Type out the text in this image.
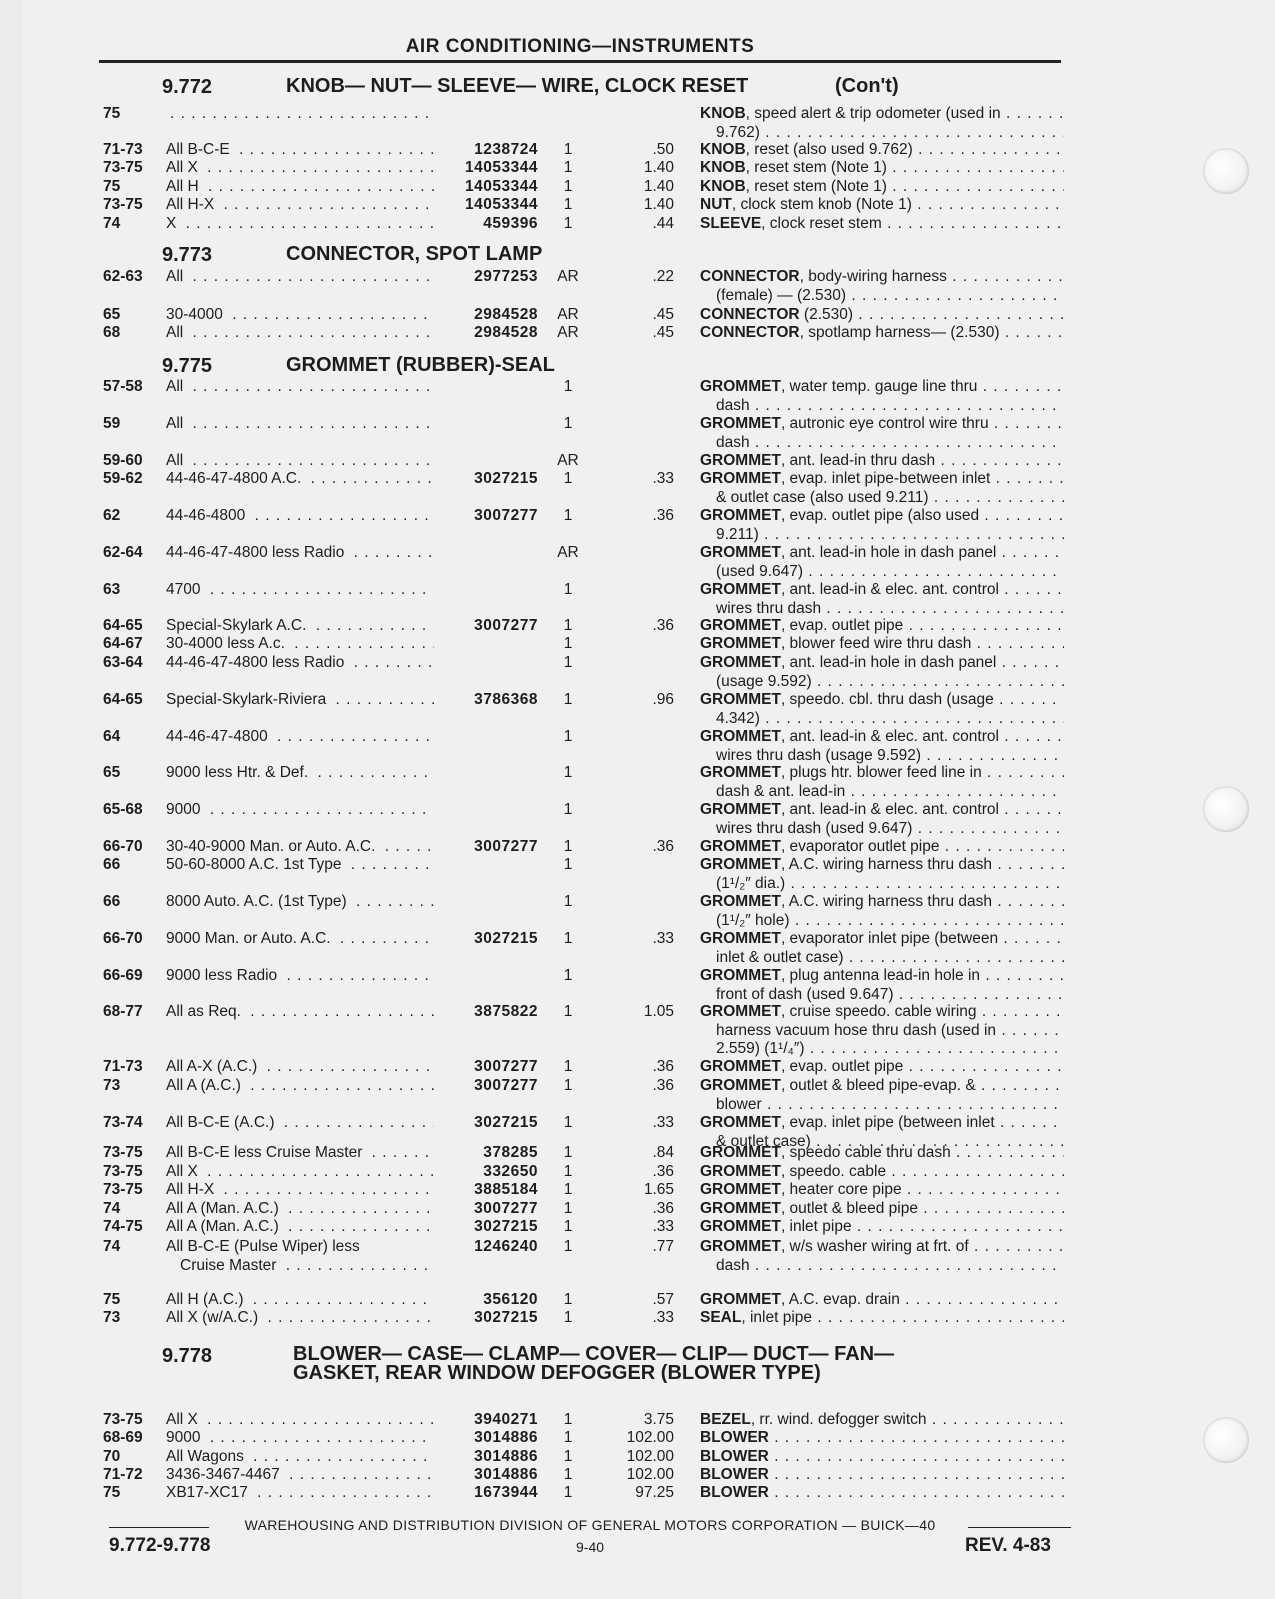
AIR CONDITIONING—INSTRUMENTS
9.772	KNOB— NUT— SLEEVE— WIRE, CLOCK RESET	(Con't)
75
. . .	KNOB, speed alert & trip odometer (used in . . .
9.762) . . .
71-73 All B-C-E . . .	1238724	1	.50 KNOB, reset (also used 9.762) . . .
73-75 All X . . .	14053344	1	1.40 KNOB, reset stem (Note 1) . . .
75	All H . . .	14053344	1	1.40 KNOB, reset stem (Note 1) . . .
73-75 All H-X . . .	14053344	1	1.40 NUT, clock stem knob (Note 1) . . .
74	X . . .	459396	1	.44 SLEEVE, clock reset stem . . .
9.773	CONNECTOR, SPOT LAMP
62-63 All . . .	2977253	AR	.22 CONNECTOR, body-wiring harness . . .
(female) — (2.530) . . .
65	30-4000 . . .	2984528	AR	.45 CONNECTOR (2.530) . . .
68	All . . .	2984528	AR	.45 CONNECTOR, spotlamp harness— (2.530) . . .
9.775	GROMMET (RUBBER)-SEAL
57-58 All . . .	1	GROMMET, water temp. gauge line thru . . .
dash . . .
59	All . . .	1	GROMMET, autronic eye control wire thru . . .
dash . . .
59-60 All . . .	AR	GROMMET, ant. lead-in thru dash . . .
59-62 44-46-47-4800 A.C. . . .	3027215	1	.33 GROMMET, evap. inlet pipe-between inlet . . .
& outlet case (also used 9.211) . . .
62	44-46-4800 . . .	3007277	1	.36 GROMMET, evap. outlet pipe (also used . . .
9.211) . . .
62-64 44-46-47-4800 less Radio . . .	AR	GROMMET, ant. lead-in hole in dash panel . . .
(used 9.647) . . .
63	4700 . . .	1	GROMMET, ant. lead-in & elec. ant. control . . .
wires thru dash . . .
64-65 Special-Skylark A.C. . . .	3007277	1	.36 GROMMET, evap. outlet pipe . . .
64-67 30-4000 less A.c. . . .	1	GROMMET, blower feed wire thru dash . . .
63-64 44-46-47-4800 less Radio . . .	1	GROMMET, ant. lead-in hole in dash panel . . .
(usage 9.592) . . .
64-65 Special-Skylark-Riviera . . .	3786368	1	.96 GROMMET, speedo. cbl. thru dash (usage . . .
4.342) . . .
64	44-46-47-4800 . . .	1	GROMMET, ant. lead-in & elec. ant. control . . .
wires thru dash (usage 9.592) . . .
65	9000 less Htr. & Def. . . .	1	GROMMET, plugs htr. blower feed line in . . .
dash & ant. lead-in . . .
65-68 9000 . . .	1	GROMMET, ant. lead-in & elec. ant. control . . .
wires thru dash (used 9.647) . . .
66-70 30-40-9000 Man. or Auto. A.C. . . .	3007277	1	.36 GROMMET, evaporator outlet pipe . . .
66	50-60-8000 A.C. 1st Type . . .	1	GROMMET, A.C. wiring harness thru dash . . .
(1¹/₂″ dia.) . . .
66	8000 Auto. A.C. (1st Type) . . .	1	GROMMET, A.C. wiring harness thru dash . . .
(1¹/₂″ hole) . . .
66-70 9000 Man. or Auto. A.C. . . .	3027215	1	.33 GROMMET, evaporator inlet pipe (between . . .
inlet & outlet case) . . .
66-69 9000 less Radio . . .	1	GROMMET, plug antenna lead-in hole in . . .
front of dash (used 9.647) . . .
68-77 All as Req. . . .	3875822	1	1.05 GROMMET, cruise speedo. cable wiring . . .
harness vacuum hose thru dash (used in . . .
2.559) (1¹/₄″) . . .
71-73 All A-X (A.C.) . . .	3007277	1	.36 GROMMET, evap. outlet pipe . . .
73	All A (A.C.) . . .	3007277	1	.36 GROMMET, outlet & bleed pipe-evap. & . . .
blower . . .
73-74 All B-C-E (A.C.) . . .	3027215	1	.33 GROMMET, evap. inlet pipe (between inlet . . .
& outlet case) . . .
73-75 All B-C-E less Cruise Master . . .	378285	1	.84 GROMMET, speedo cable thru dash . . .
73-75 All X . . .	332650	1	.36 GROMMET, speedo. cable . . .
73-75 All H-X . . .	3885184	1	1.65 GROMMET, heater core pipe . . .
74	All A (Man. A.C.) . . .	3007277	1	.36 GROMMET, outlet & bleed pipe . . .
74-75 All A (Man. A.C.) . . .	3027215	1	.33 GROMMET, inlet pipe . . .
74	All B-C-E (Pulse Wiper) less
Cruise Master . . .
1246240	1	.77 GROMMET, w/s washer wiring at frt. of . . .
dash . . .
75	All H (A.C.) . . .	356120	1	.57 GROMMET, A.C. evap. drain . . .
73	All X (w/A.C.) . . .	3027215	1	.33 SEAL, inlet pipe . . .
9.778	BLOWER— CASE— CLAMP— COVER— CLIP— DUCT— FAN—
GASKET, REAR WINDOW DEFOGGER (BLOWER TYPE)
73-75 All X . . .	3940271	1	3.75 BEZEL, rr. wind. defogger switch . . .
68-69 9000 . . .	3014886	1	102.00 BLOWER . . .
70	All Wagons . . .	3014886	1	102.00 BLOWER . . .
71-72 3436-3467-4467 . . .	3014886	1	102.00 BLOWER . . .
75	XB17-XC17 . . .	1673944	1	97.25 BLOWER . . .
WAREHOUSING AND DISTRIBUTION DIVISION OF GENERAL MOTORS CORPORATION — BUICK—40
9.772-9.778	9-40	REV. 4-83
